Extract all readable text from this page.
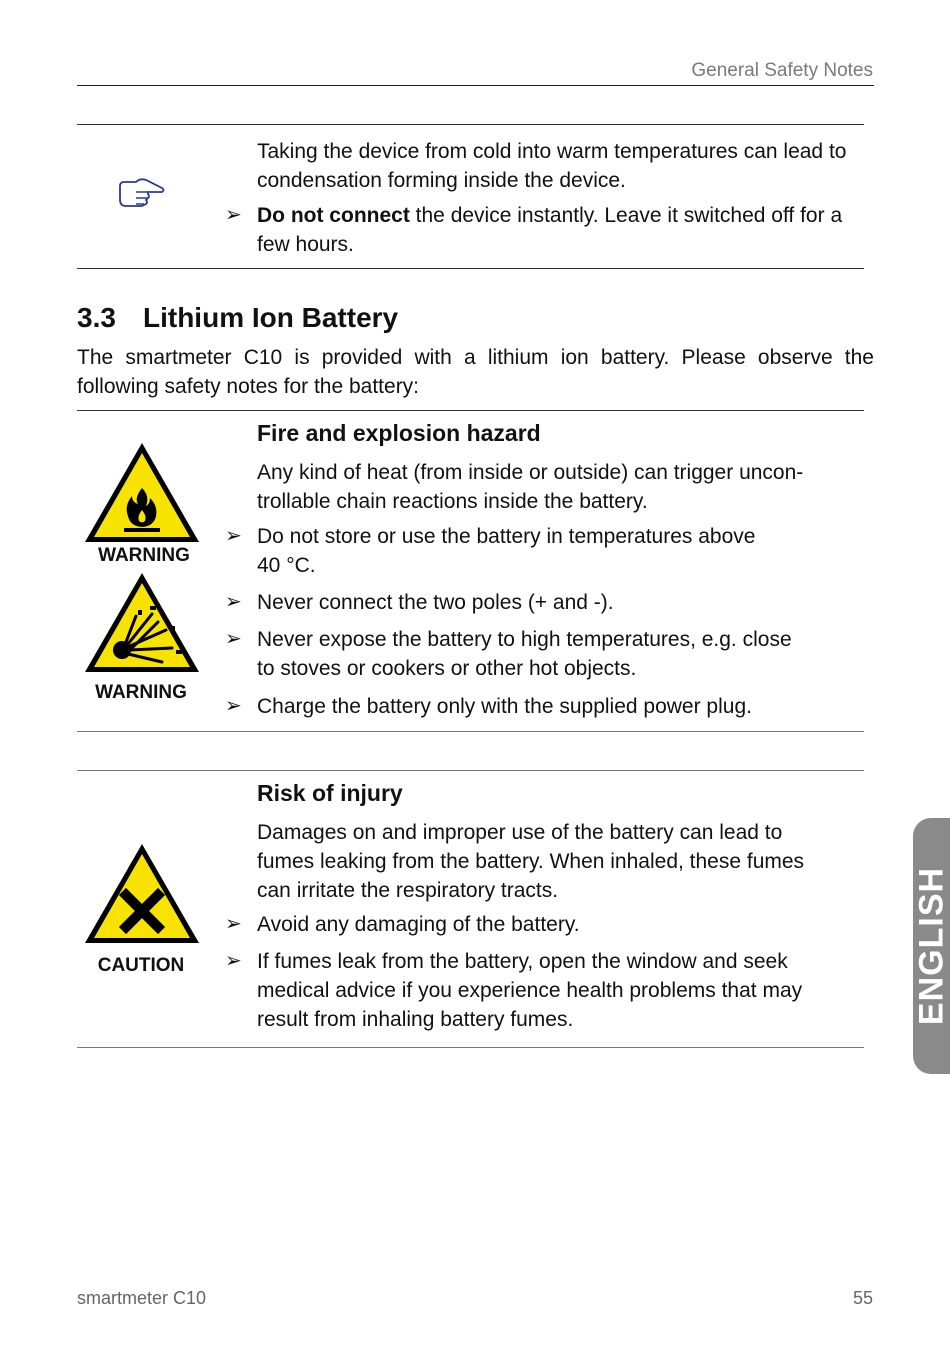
General Safety Notes
Taking the device from cold into warm temperatures can lead to condensation forming inside the device.
➢ Do not connect the device instantly. Leave it switched off for a few hours.
3.3 Lithium Ion Battery
The smartmeter C10 is provided with a lithium ion battery. Please observe the following safety notes for the battery:
Fire and explosion hazard
Any kind of heat (from inside or outside) can trigger uncon-
trollable chain reactions inside the battery.
WARNING
WARNING
➢ Do not store or use the battery in temperatures above
40 °C.
➢ Never connect the two poles (+ and -).
➢ Never expose the battery to high temperatures, e.g. close
to stoves or cookers or other hot objects.
➢ Charge the battery only with the supplied power plug.
Risk of injury
Damages on and improper use of the battery can lead to
fumes leaking from the battery. When inhaled, these fumes
can irritate the respiratory tracts.
CAUTION
➢ Avoid any damaging of the battery.
➢ If fumes leak from the battery, open the window and seek
medical advice if you experience health problems that may
result from inhaling battery fumes.	ENGLISH
smartmeter C10	55
